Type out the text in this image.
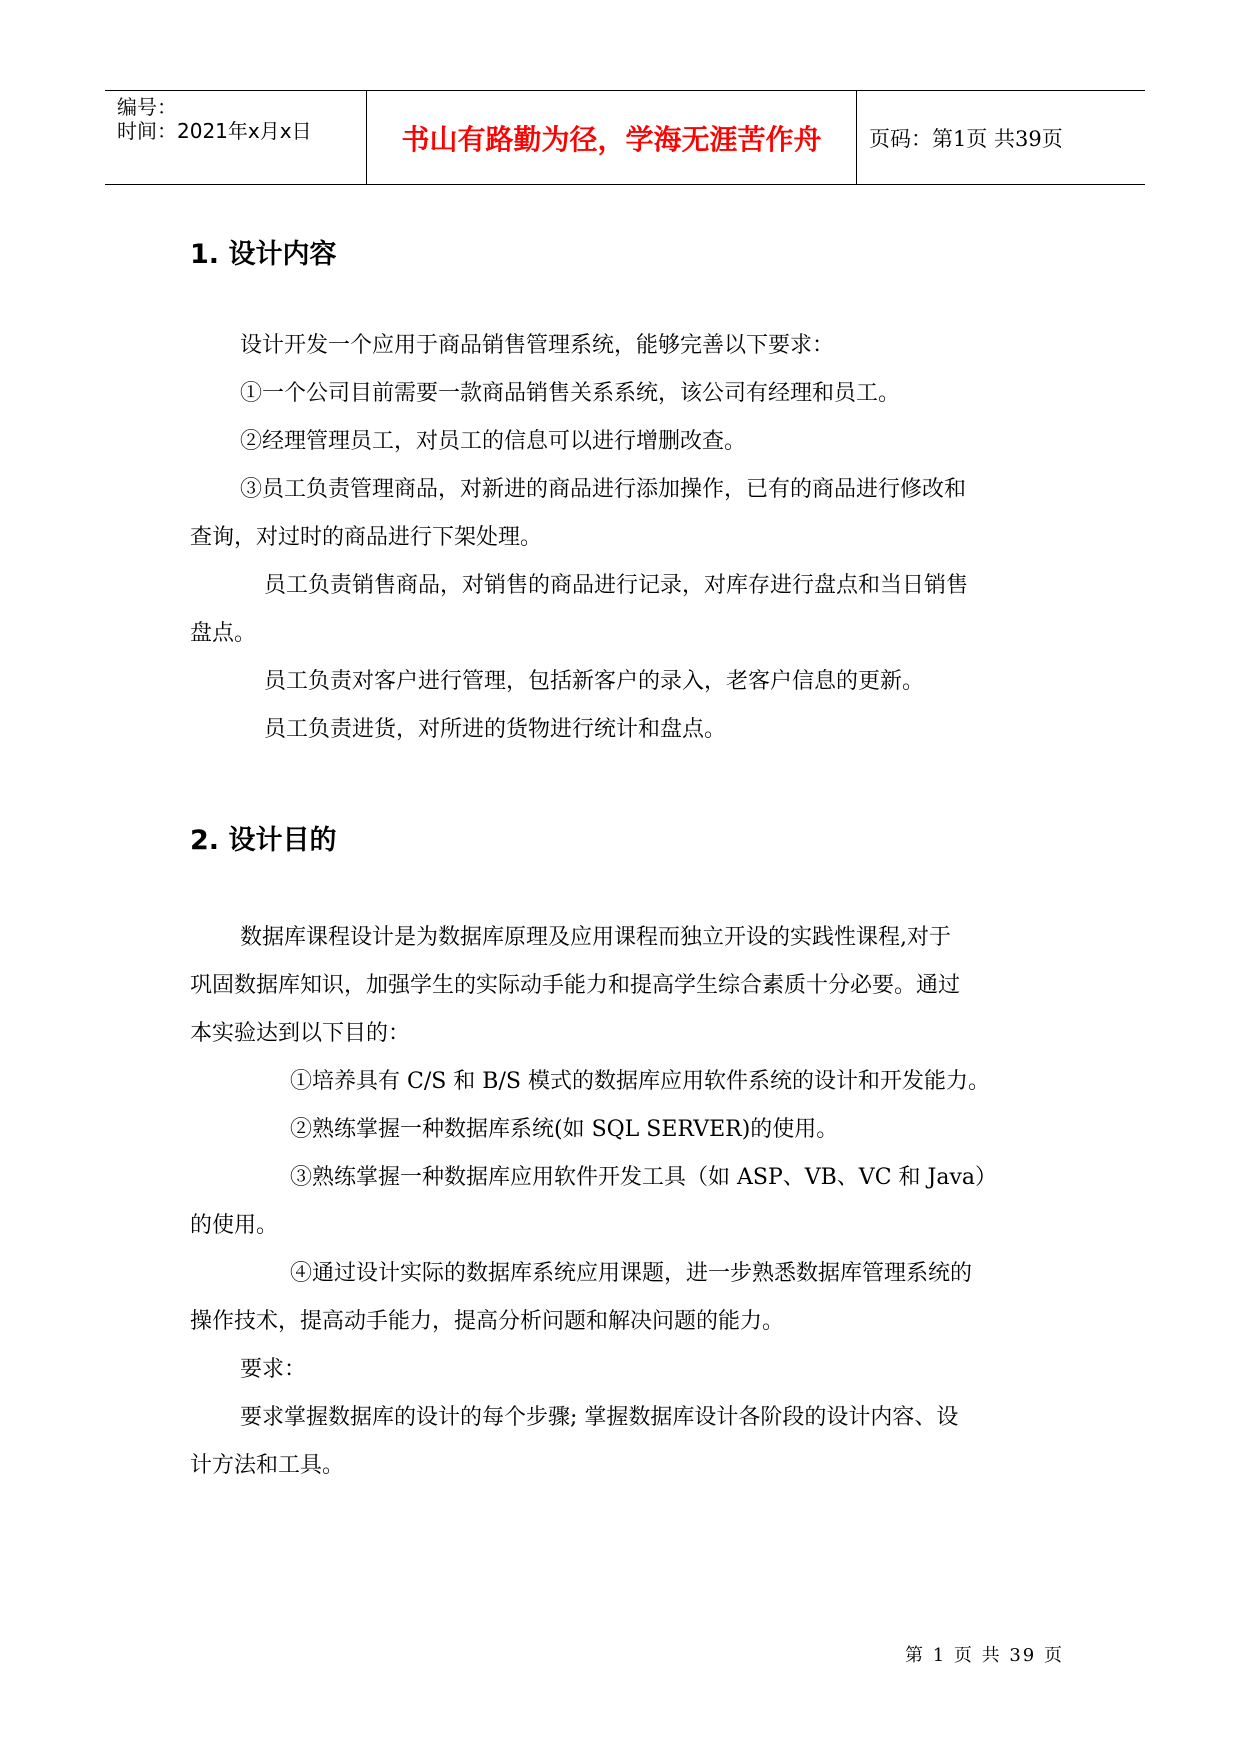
编号：
时间：2021年x月x日	书山有路勤为径，学海无涯苦作舟	页码：第1页 共39页
1. 设计内容
设计开发一个应用于商品销售管理系统，能够完善以下要求：
①一个公司目前需要一款商品销售关系系统，该公司有经理和员工。
②经理管理员工，对员工的信息可以进行增删改查。
③员工负责管理商品，对新进的商品进行添加操作，已有的商品进行修改和
查询，对过时的商品进行下架处理。
员工负责销售商品，对销售的商品进行记录，对库存进行盘点和当日销售
盘点。
员工负责对客户进行管理，包括新客户的录入，老客户信息的更新。
员工负责进货，对所进的货物进行统计和盘点。
2. 设计目的
数据库课程设计是为数据库原理及应用课程而独立开设的实践性课程,对于
巩固数据库知识，加强学生的实际动手能力和提高学生综合素质十分必要。通过
本实验达到以下目的：
①培养具有 C/S 和 B/S 模式的数据库应用软件系统的设计和开发能力。
②熟练掌握一种数据库系统(如 SQL SERVER)的使用。
③熟练掌握一种数据库应用软件开发工具（如 ASP、VB、VC 和 Java）
的使用。
④通过设计实际的数据库系统应用课题，进一步熟悉数据库管理系统的
操作技术，提高动手能力，提高分析问题和解决问题的能力。
要求：
要求掌握数据库的设计的每个步骤; 掌握数据库设计各阶段的设计内容、设
计方法和工具。
第 1 页 共 39 页
